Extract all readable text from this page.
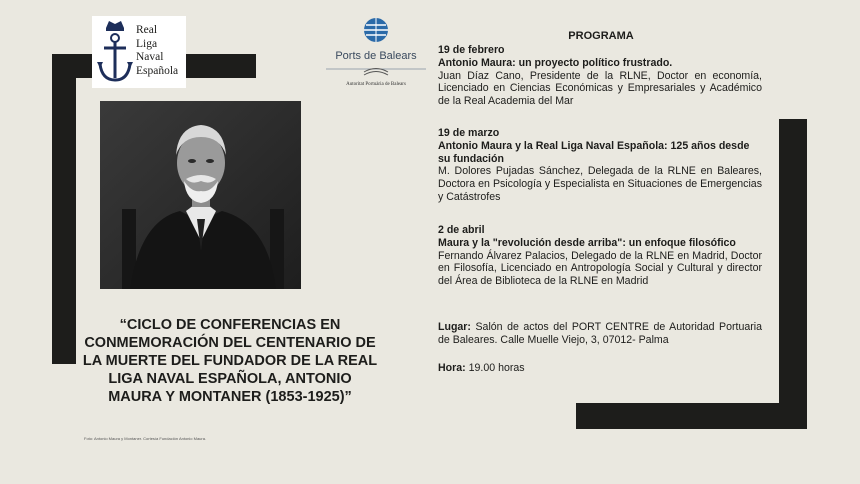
Real
Liga
Naval
Española
Ports de Balears
Autoritat Portuària de Balears

“CICLO DE CONFERENCIAS EN CONMEMORACIÓN DEL CENTENARIO DE LA MUERTE DEL FUNDADOR DE LA REAL LIGA NAVAL ESPAÑOLA, ANTONIO MAURA Y MONTANER (1853-1925)”

Foto: Antonio Maura y Montaner. Cortesía Fundación Antonio Maura.

PROGRAMA

19 de febrero
Antonio Maura: un proyecto político frustrado.
Juan Díaz Cano, Presidente de la RLNE, Doctor en economía, Licenciado en Ciencias Económicas y Empresariales y Académico de la Real Academia del Mar
19 de marzo
Antonio Maura y la Real Liga Naval Española: 125 años desde su fundación
M. Dolores Pujadas Sánchez, Delegada de la RLNE en Baleares, Doctora en Psicología y Especialista en Situaciones de Emergencias y Catástrofes
2 de abril
Maura y la "revolución desde arriba": un enfoque filosófico
Fernando Álvarez Palacios, Delegado de la RLNE en Madrid, Doctor en Filosofía, Licenciado en Antropología Social y Cultural y director del Área de Biblioteca de la RLNE en Madrid
Lugar: Salón de actos del PORT CENTRE de Autoridad Portuaria de Baleares. Calle Muelle Viejo, 3, 07012- Palma
Hora: 19.00 horas
